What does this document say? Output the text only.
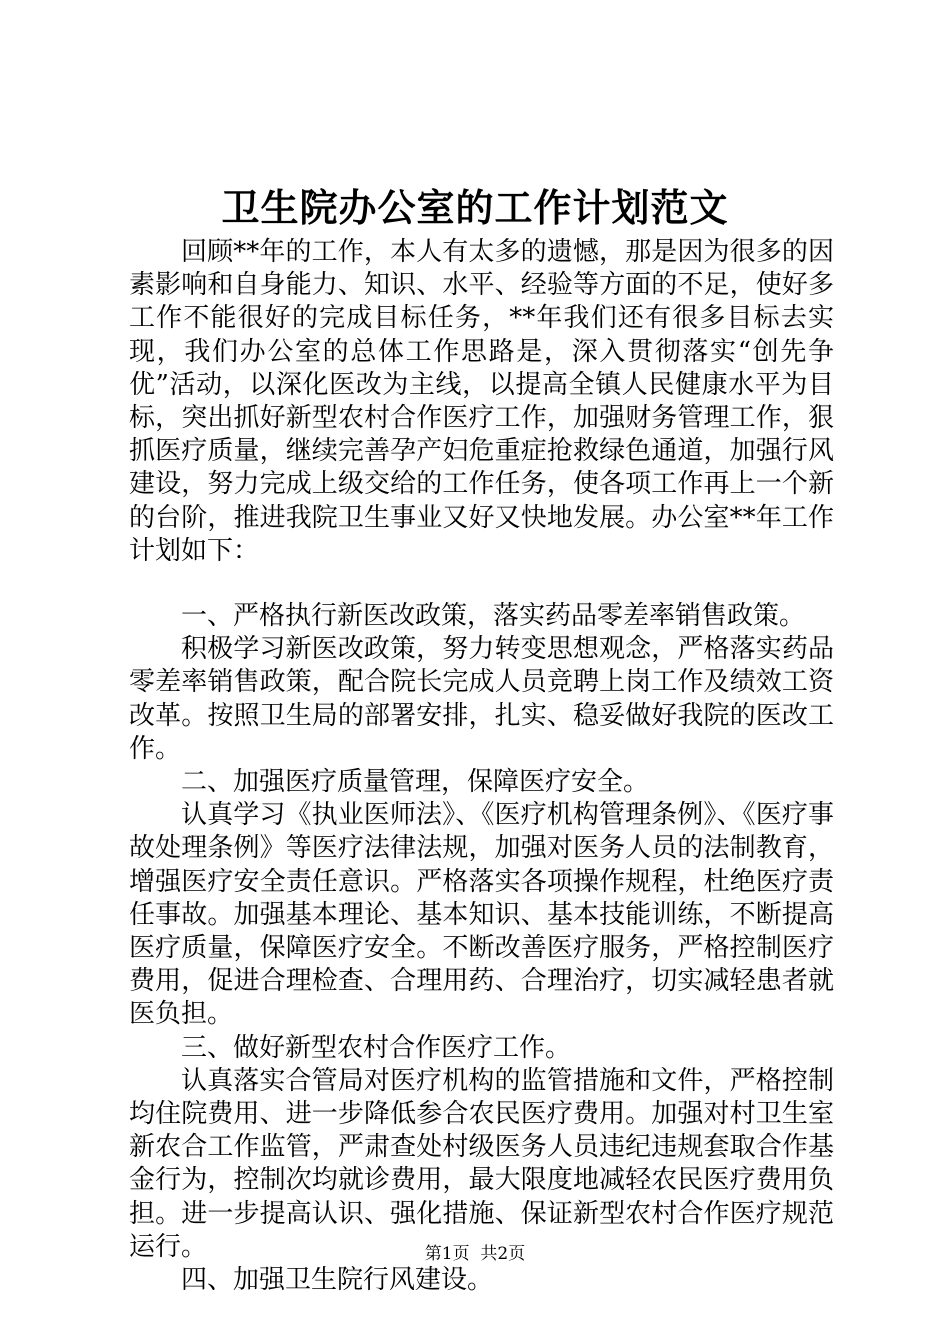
卫生院办公室的工作计划范文

回顾**年的工作，本人有太多的遗憾，那是因为很多的因素影响和自身能力、知识、水平、经验等方面的不足，使好多工作不能很好的完成目标任务，**年我们还有很多目标去实现，我们办公室的总体工作思路是，深入贯彻落实“创先争优”活动，以深化医改为主线，以提高全镇人民健康水平为目标，突出抓好新型农村合作医疗工作，加强财务管理工作，狠抓医疗质量，继续完善孕产妇危重症抢救绿色通道，加强行风建设，努力完成上级交给的工作任务，使各项工作再上一个新的台阶，推进我院卫生事业又好又快地发展。办公室**年工作计划如下：

一、严格执行新医改政策，落实药品零差率销售政策。

积极学习新医改政策，努力转变思想观念，严格落实药品零差率销售政策，配合院长完成人员竞聘上岗工作及绩效工资改革。按照卫生局的部署安排，扎实、稳妥做好我院的医改工作。

二、加强医疗质量管理，保障医疗安全。

认真学习《执业医师法》、《医疗机构管理条例》、《医疗事故处理条例》等医疗法律法规，加强对医务人员的法制教育，增强医疗安全责任意识。严格落实各项操作规程，杜绝医疗责任事故。加强基本理论、基本知识、基本技能训练，不断提高医疗质量，保障医疗安全。不断改善医疗服务，严格控制医疗费用，促进合理检查、合理用药、合理治疗，切实减轻患者就医负担。

三、做好新型农村合作医疗工作。

认真落实合管局对医疗机构的监管措施和文件，严格控制均住院费用、进一步降低参合农民医疗费用。加强对村卫生室新农合工作监管，严肃查处村级医务人员违纪违规套取合作基金行为，控制次均就诊费用，最大限度地减轻农民医疗费用负担。进一步提高认识、强化措施、保证新型农村合作医疗规范运行。

四、加强卫生院行风建设。

第1页  共2页
